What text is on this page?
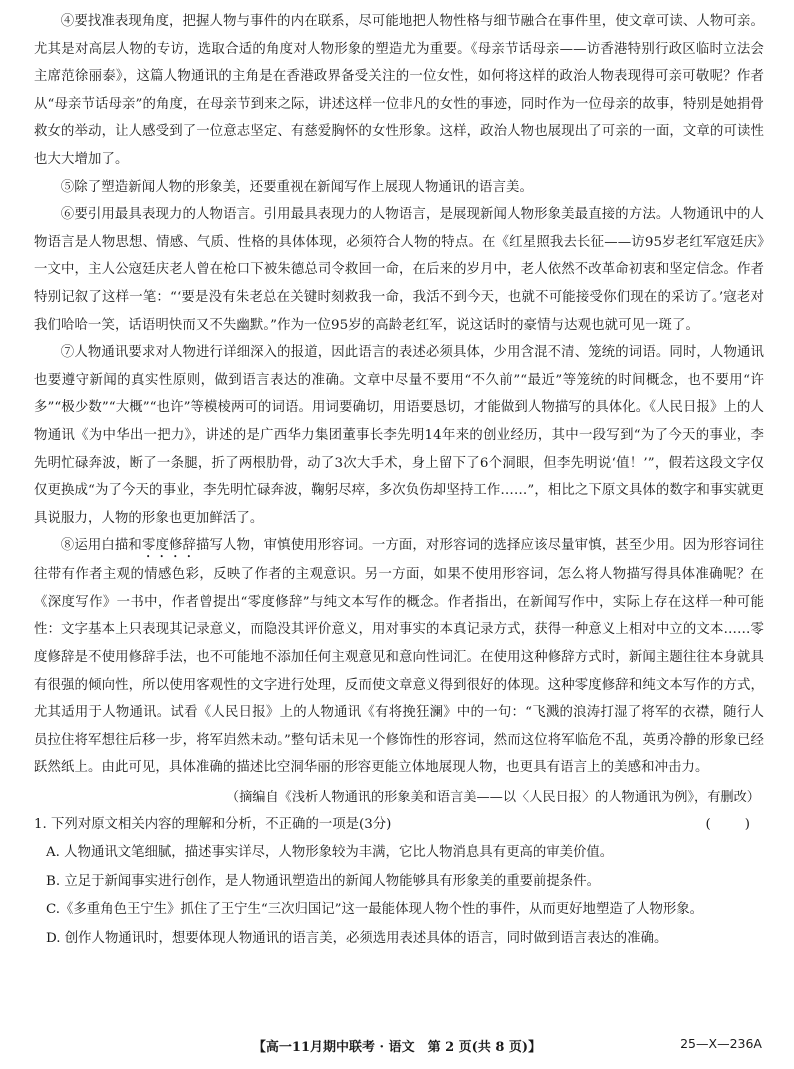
④要找准表现角度，把握人物与事件的内在联系，尽可能地把人物性格与细节融合在事件里，使文章可读、人物可亲。尤其是对高层人物的专访，选取合适的角度对人物形象的塑造尤为重要。《母亲节话母亲——访香港特别行政区临时立法会主席范徐丽泰》，这篇人物通讯的主角是在香港政界备受关注的一位女性，如何将这样的政治人物表现得可亲可敬呢？作者从“母亲节话母亲”的角度，在母亲节到来之际，讲述这样一位非凡的女性的事迹，同时作为一位母亲的故事，特别是她捐骨救女的举动，让人感受到了一位意志坚定、有慈爱胸怀的女性形象。这样，政治人物也展现出了可亲的一面，文章的可读性也大大增加了。

⑤除了塑造新闻人物的形象美，还要重视在新闻写作上展现人物通讯的语言美。

⑥要引用最具表现力的人物语言。引用最具表现力的人物语言，是展现新闻人物形象美最直接的方法。人物通讯中的人物语言是人物思想、情感、气质、性格的具体体现，必须符合人物的特点。在《红星照我去长征——访95岁老红军寇廷庆》一文中，主人公寇廷庆老人曾在枪口下被朱德总司令救回一命，在后来的岁月中，老人依然不改革命初衷和坚定信念。作者特别记叙了这样一笔：“‘要是没有朱老总在关键时刻救我一命，我活不到今天，也就不可能接受你们现在的采访了。’寇老对我们哈哈一笑，话语明快而又不失幽默。”作为一位95岁的高龄老红军，说这话时的豪情与达观也就可见一斑了。

⑦人物通讯要求对人物进行详细深入的报道，因此语言的表述必须具体，少用含混不清、笼统的词语。同时，人物通讯也要遵守新闻的真实性原则，做到语言表达的准确。文章中尽量不要用“不久前”“最近”等笼统的时间概念，也不要用“许多”“极少数”“大概”“也许”等模棱两可的词语。用词要确切，用语要恳切，才能做到人物描写的具体化。《人民日报》上的人物通讯《为中华出一把力》，讲述的是广西华力集团董事长李先明14年来的创业经历，其中一段写到“为了今天的事业，李先明忙碌奔波，断了一条腿，折了两根肋骨，动了3次大手术，身上留下了6个洞眼，但李先明说‘值！’”，假若这段文字仅仅更换成“为了今天的事业，李先明忙碌奔波，鞠躬尽瘁，多次负伤却坚持工作……”，相比之下原文具体的数字和事实就更具说服力，人物的形象也更加鲜活了。

⑧运用白描和零度修辞描写人物，审慎使用形容词。一方面，对形容词的选择应该尽量审慎，甚至少用。因为形容词往往带有作者主观的情感色彩，反映了作者的主观意识。另一方面，如果不使用形容词，怎么将人物描写得具体准确呢？在《深度写作》一书中，作者曾提出“零度修辞”与纯文本写作的概念。作者指出，在新闻写作中，实际上存在这样一种可能性：文字基本上只表现其记录意义，而隐没其评价意义，用对事实的本真记录方式，获得一种意义上相对中立的文本……零度修辞是不使用修辞手法，也不可能地不添加任何主观意见和意向性词汇。在使用这种修辞方式时，新闻主题往往本身就具有很强的倾向性，所以使用客观性的文字进行处理，反而使文章意义得到很好的体现。这种零度修辞和纯文本写作的方式，尤其适用于人物通讯。试看《人民日报》上的人物通讯《有将挽狂澜》中的一句：“飞溅的浪涛打湿了将军的衣襟，随行人员拉住将军想往后移一步，将军岿然未动。”整句话未见一个修饰性的形容词，然而这位将军临危不乱，英勇冷静的形象已经跃然纸上。由此可见，具体准确的描述比空洞华丽的形容更能立体地展现人物，也更具有语言上的美感和冲击力。

（摘编自《浅析人物通讯的形象美和语言美——以〈人民日报〉的人物通讯为例》，有删改）

1. 下列对原文相关内容的理解和分析，不正确的一项是(3分)	(        )

A. 人物通讯文笔细腻，描述事实详尽，人物形象较为丰满，它比人物消息具有更高的审美价值。

B. 立足于新闻事实进行创作，是人物通讯塑造出的新闻人物能够具有形象美的重要前提条件。

C.《多重角色王宁生》抓住了王宁生“三次归国记”这一最能体现人物个性的事件，从而更好地塑造了人物形象。

D. 创作人物通讯时，想要体现人物通讯的语言美，必须选用表述具体的语言，同时做到语言表达的准确。

【高一11月期中联考 · 语文　第 2 页(共 8 页)】	25—X—236A
